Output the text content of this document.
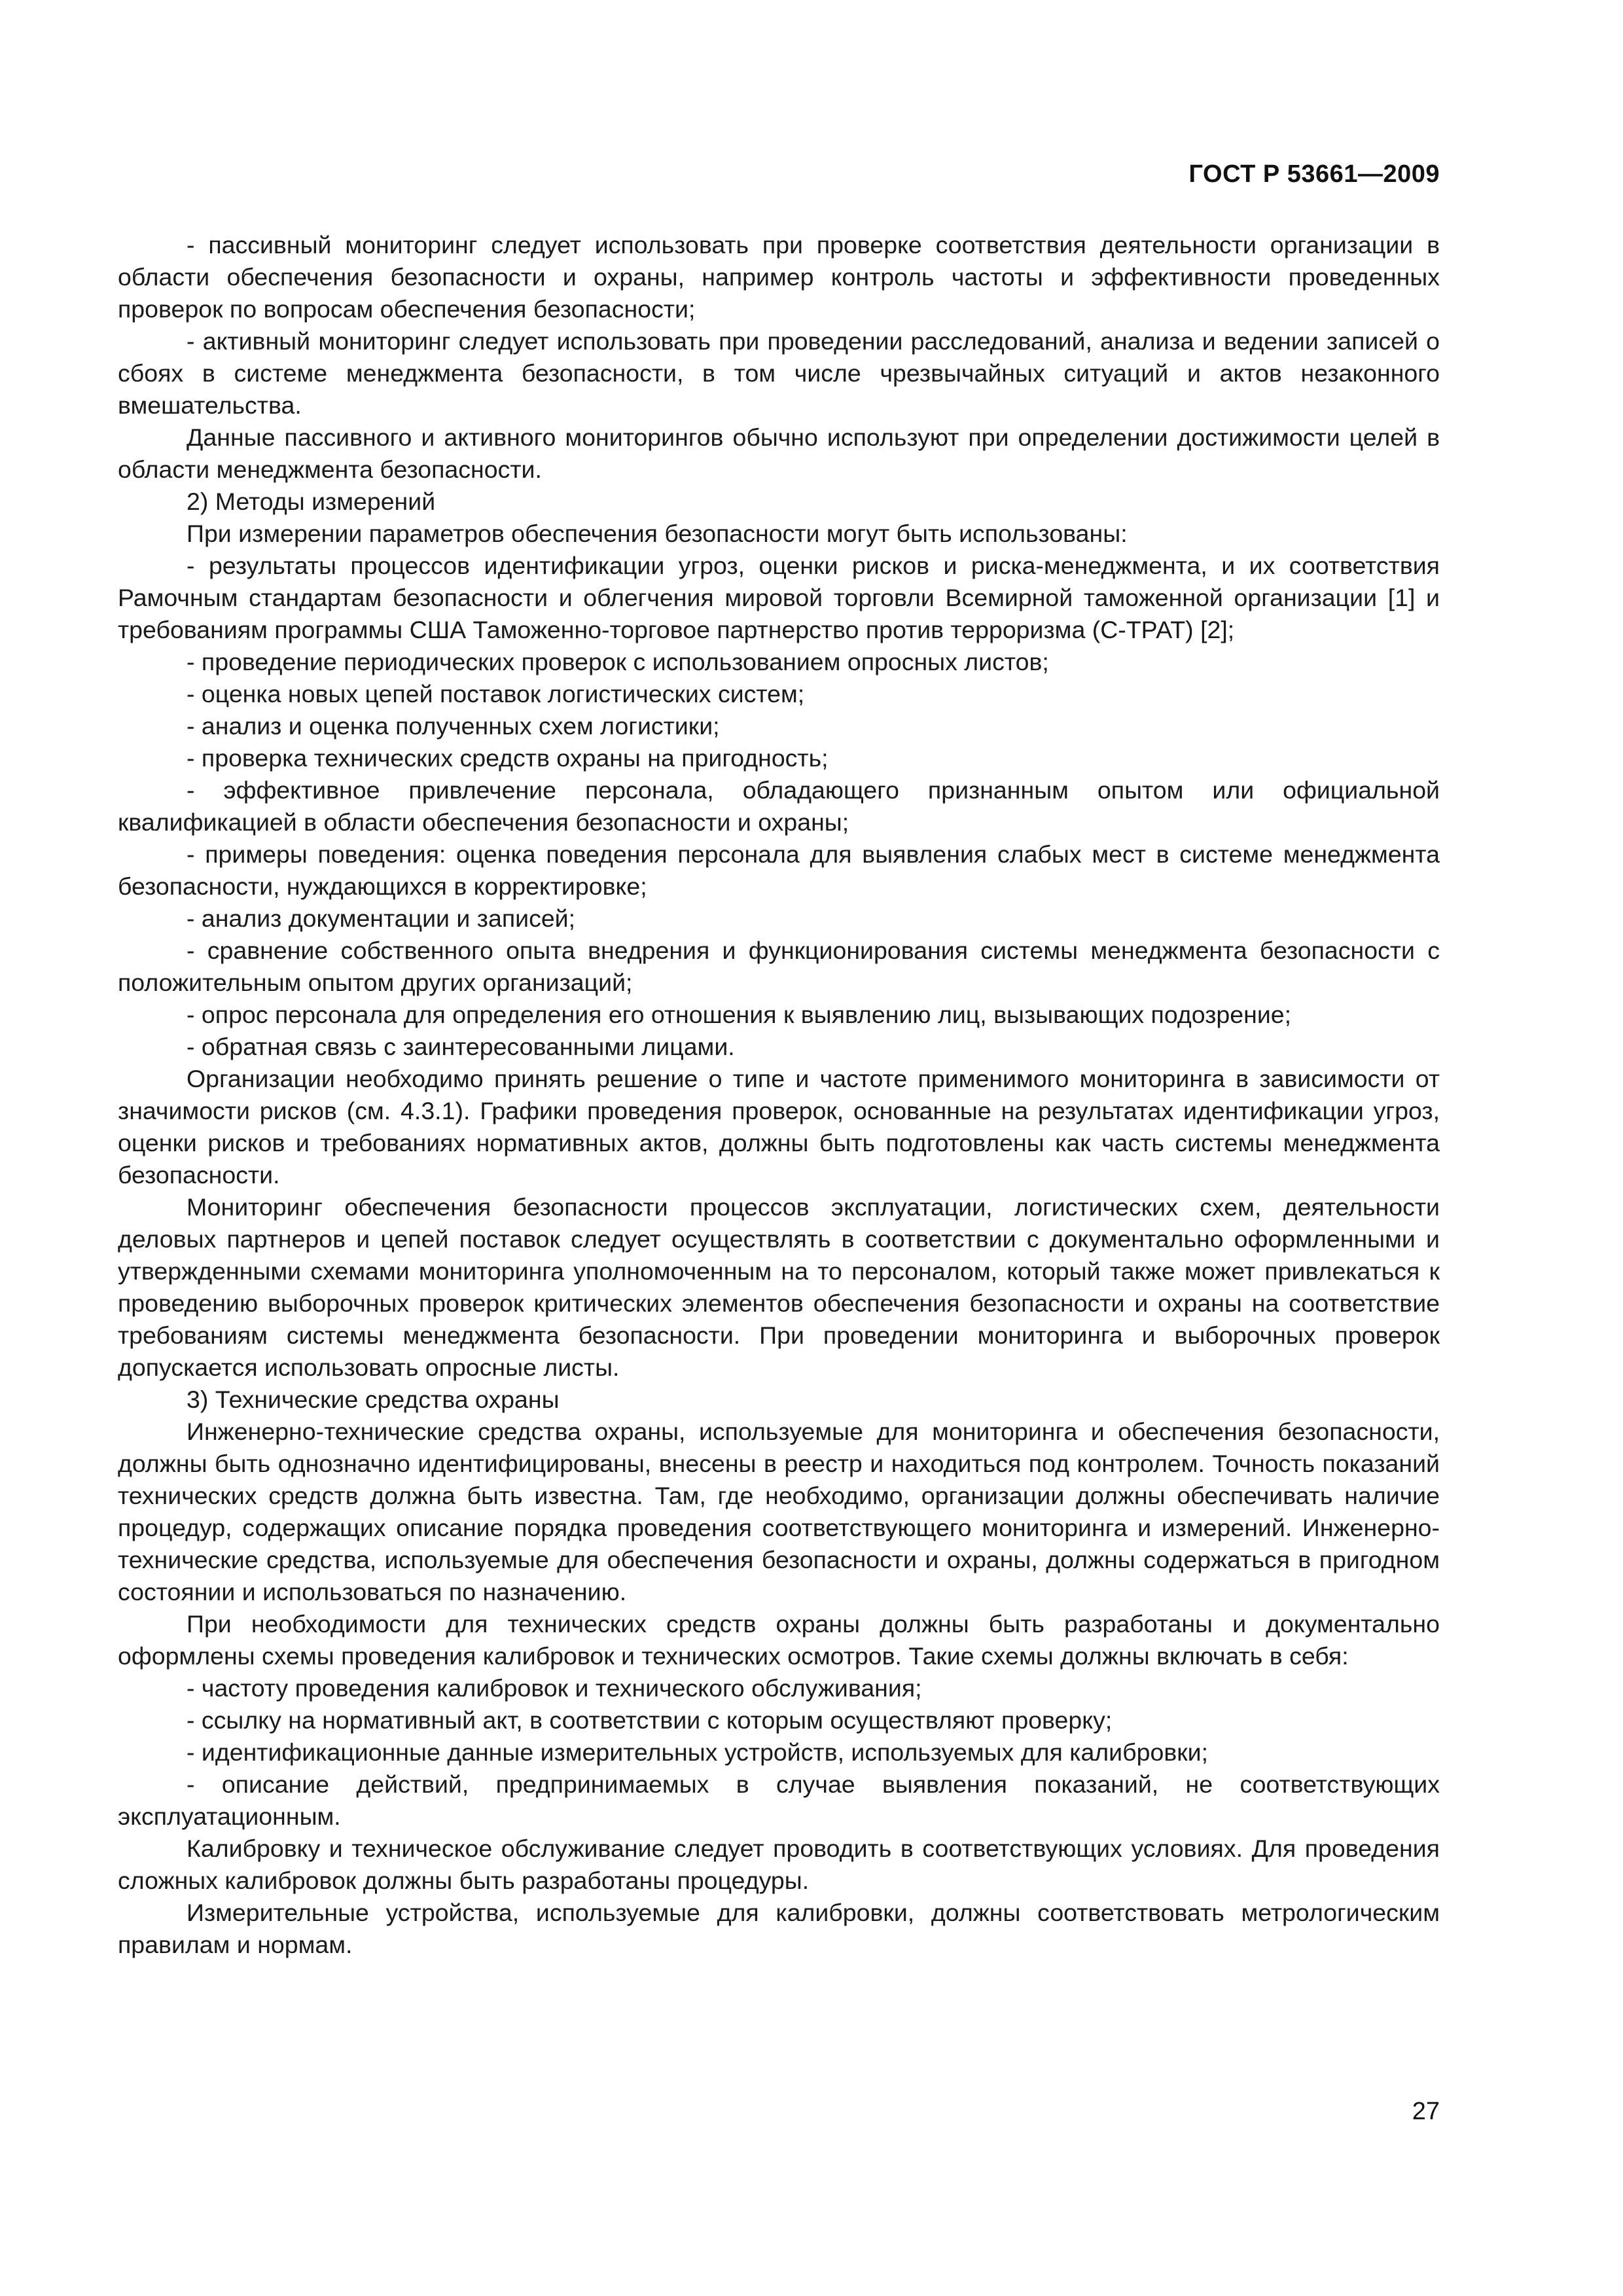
ГОСТ Р 53661—2009

- пассивный мониторинг следует использовать при проверке соответствия деятельности организации в области обеспечения безопасности и охраны, например контроль частоты и эффективности проведенных проверок по вопросам обеспечения безопасности;

- активный мониторинг следует использовать при проведении расследований, анализа и ведении записей о сбоях в системе менеджмента безопасности, в том числе чрезвычайных ситуаций и актов незаконного вмешательства.

Данные пассивного и активного мониторингов обычно используют при определении достижимости целей в области менеджмента безопасности.

2) Методы измерений

При измерении параметров обеспечения безопасности могут быть использованы:

- результаты процессов идентификации угроз, оценки рисков и риска-менеджмента, и их соответствия Рамочным стандартам безопасности и облегчения мировой торговли Всемирной таможенной организации [1] и требованиям программы США Таможенно-торговое партнерство против терроризма (С-ТРАТ) [2];

- проведение периодических проверок с использованием опросных листов;

- оценка новых цепей поставок логистических систем;

- анализ и оценка полученных схем логистики;

- проверка технических средств охраны на пригодность;

- эффективное привлечение персонала, обладающего признанным опытом или официальной квалификацией в области обеспечения безопасности и охраны;

- примеры поведения: оценка поведения персонала для выявления слабых мест в системе менеджмента безопасности, нуждающихся в корректировке;

- анализ документации и записей;

- сравнение собственного опыта внедрения и функционирования системы менеджмента безопасности с положительным опытом других организаций;

- опрос персонала для определения его отношения к выявлению лиц, вызывающих подозрение;

- обратная связь с заинтересованными лицами.

Организации необходимо принять решение о типе и частоте применимого мониторинга в зависимости от значимости рисков (см. 4.3.1). Графики проведения проверок, основанные на результатах идентификации угроз, оценки рисков и требованиях нормативных актов, должны быть подготовлены как часть системы менеджмента безопасности.

Мониторинг обеспечения безопасности процессов эксплуатации, логистических схем, деятельности деловых партнеров и цепей поставок следует осуществлять в соответствии с документально оформленными и утвержденными схемами мониторинга уполномоченным на то персоналом, который также может привлекаться к проведению выборочных проверок критических элементов обеспечения безопасности и охраны на соответствие требованиям системы менеджмента безопасности. При проведении мониторинга и выборочных проверок допускается использовать опросные листы.

3) Технические средства охраны

Инженерно-технические средства охраны, используемые для мониторинга и обеспечения безопасности, должны быть однозначно идентифицированы, внесены в реестр и находиться под контролем. Точность показаний технических средств должна быть известна. Там, где необходимо, организации должны обеспечивать наличие процедур, содержащих описание порядка проведения соответствующего мониторинга и измерений. Инженерно-технические средства, используемые для обеспечения безопасности и охраны, должны содержаться в пригодном состоянии и использоваться по назначению.

При необходимости для технических средств охраны должны быть разработаны и документально оформлены схемы проведения калибровок и технических осмотров. Такие схемы должны включать в себя:

- частоту проведения калибровок и технического обслуживания;

- ссылку на нормативный акт, в соответствии с которым осуществляют проверку;

- идентификационные данные измерительных устройств, используемых для калибровки;

- описание действий, предпринимаемых в случае выявления показаний, не соответствующих эксплуатационным.

Калибровку и техническое обслуживание следует проводить в соответствующих условиях. Для проведения сложных калибровок должны быть разработаны процедуры.

Измерительные устройства, используемые для калибровки, должны соответствовать метрологическим правилам и нормам.

27
